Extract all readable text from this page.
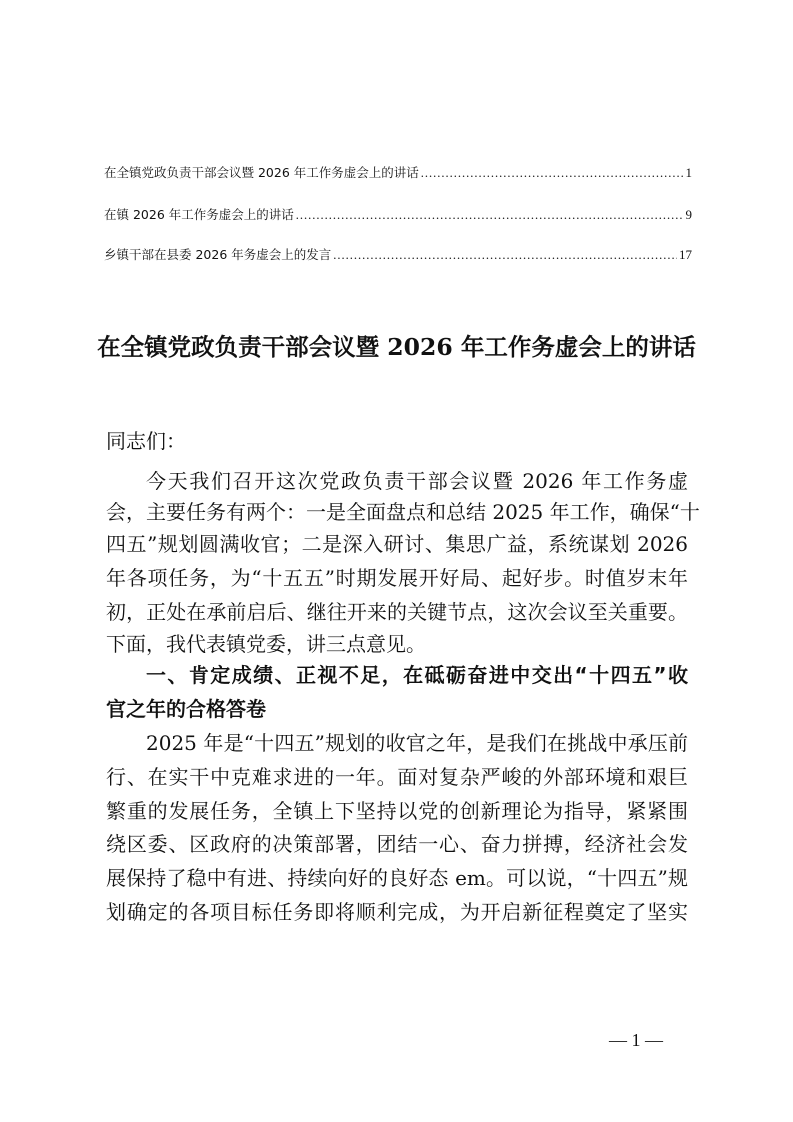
在全镇党政负责干部会议暨 2026 年工作务虚会上的讲话 .....	1
在镇 2026 年工作务虚会上的讲话 .....	9
乡镇干部在县委 2026 年务虚会上的发言 .....	17
在全镇党政负责干部会议暨 2026 年工作务虚会上的讲话
同志们：
今天我们召开这次党政负责干部会议暨 2026 年工作务虚
会，主要任务有两个：一是全面盘点和总结 2025 年工作，确保“十
四五”规划圆满收官；二是深入研讨、集思广益，系统谋划 2026
年各项任务，为“十五五”时期发展开好局、起好步。时值岁末年
初，正处在承前启后、继往开来的关键节点，这次会议至关重要。
下面，我代表镇党委，讲三点意见。
一、肯定成绩、正视不足，在砥砺奋进中交出“十四五”收
官之年的合格答卷
2025 年是“十四五”规划的收官之年，是我们在挑战中承压前
行、在实干中克难求进的一年。面对复杂严峻的外部环境和艰巨
繁重的发展任务，全镇上下坚持以党的创新理论为指导，紧紧围
绕区委、区政府的决策部署，团结一心、奋力拼搏，经济社会发
展保持了稳中有进、持续向好的良好态 em。可以说，“十四五”规
划确定的各项目标任务即将顺利完成，为开启新征程奠定了坚实
— 1 —
